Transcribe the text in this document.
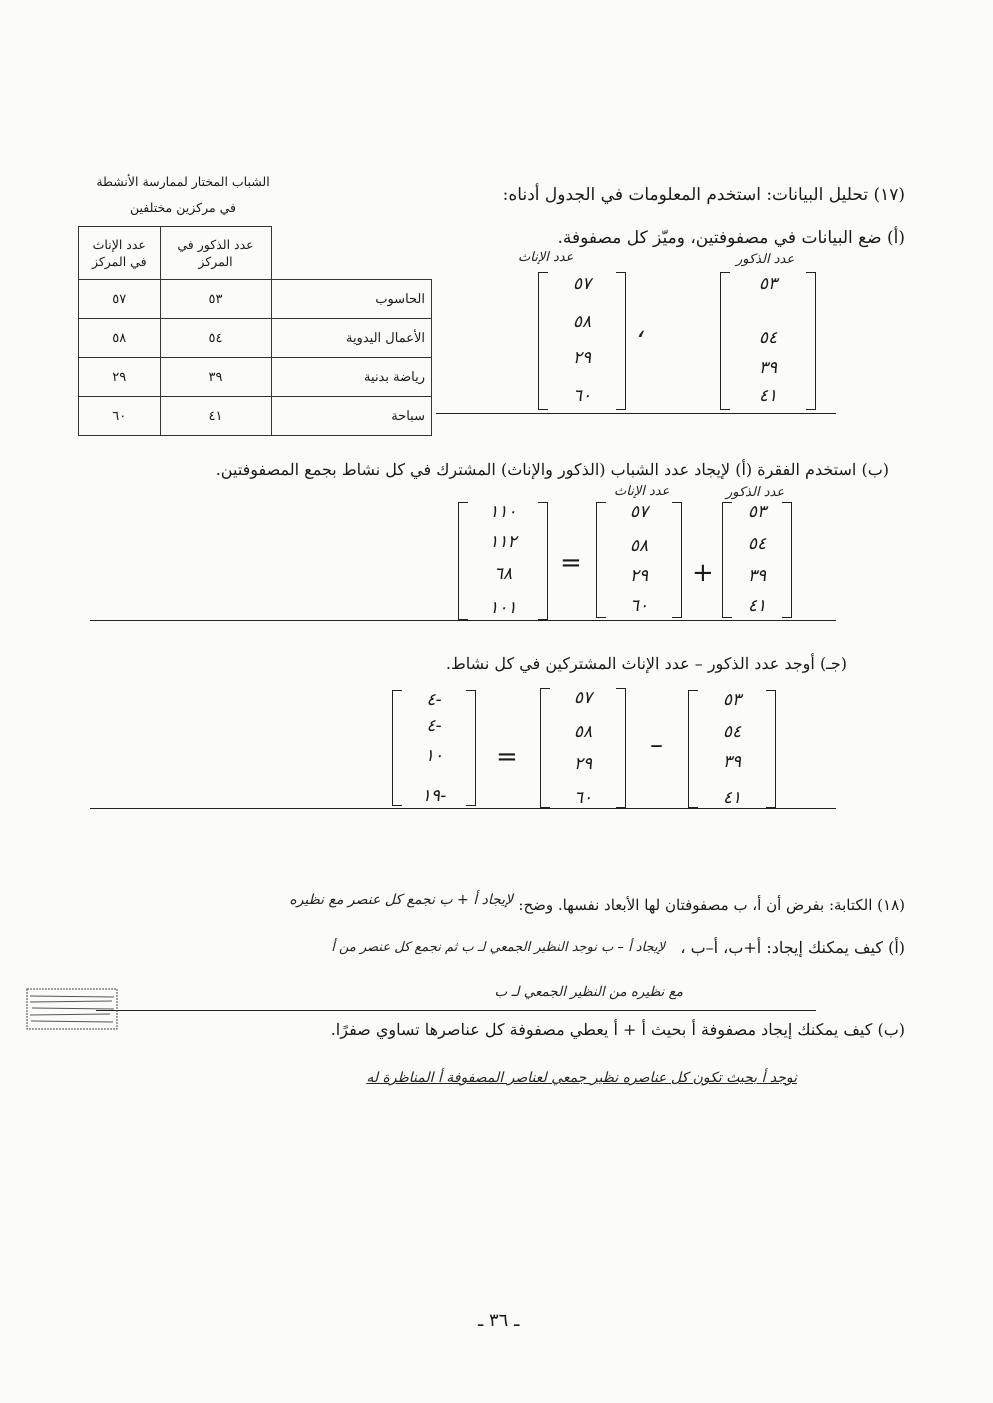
الشباب المختار لممارسة الأنشطة
في مركزين مختلفين
	عدد الذكور في المركز	عدد الإناث في المركز
الحاسوب	٥٣	٥٧
الأعمال اليدوية	٥٤	٥٨
رياضة بدنية	٣٩	٢٩
سباحة	٤١	٦٠
(١٧) تحليل البيانات: استخدم المعلومات في الجدول أدناه:
(أ) ضع البيانات في مصفوفتين، وميّز كل مصفوفة.
عدد الذكور
عدد الإناث
٥٣
٥٤
٣٩
٤١
،
٥٧
٥٨
٢٩
٦٠
(ب) استخدم الفقرة (أ) لإيجاد عدد الشباب (الذكور والإناث) المشترك في كل نشاط بجمع المصفوفتين.
عدد الذكور
عدد الإناث
١١٠
١١٢
٦٨
١٠١
=
٥٧
٥٨
٢٩
٦٠
+
٥٣
٥٤
٣٩
٤١
(جـ) أوجد عدد الذكور – عدد الإناث المشتركين في كل نشاط.
٤-
٤-
١٠
١٩-
=
٥٧
٥٨
٢٩
٦٠
–
٥٣
٥٤
٣٩
٤١
(١٨) الكتابة: بفرض أن أ، ب مصفوفتان لها الأبعاد نفسها. وضح:
لإيجاد أ + ب نجمع كل عنصر مع نظيره
(أ) كيف يمكنك إيجاد: أ+ب، أ–ب ،
لإيجاد أ – ب نوجد النظير الجمعي لـ ب ثم نجمع كل عنصر من أ
مع نظيره من النظير الجمعي لـ ب
(ب) كيف يمكنك إيجاد مصفوفة أ بحيث أ + أ يعطي مصفوفة كل عناصرها تساوي صفرًا.
نوجد أ بحيث تكون كل عناصره نظير جمعي لعناصر المصفوفة أ المناظرة له
ـ ٣٦ ـ
